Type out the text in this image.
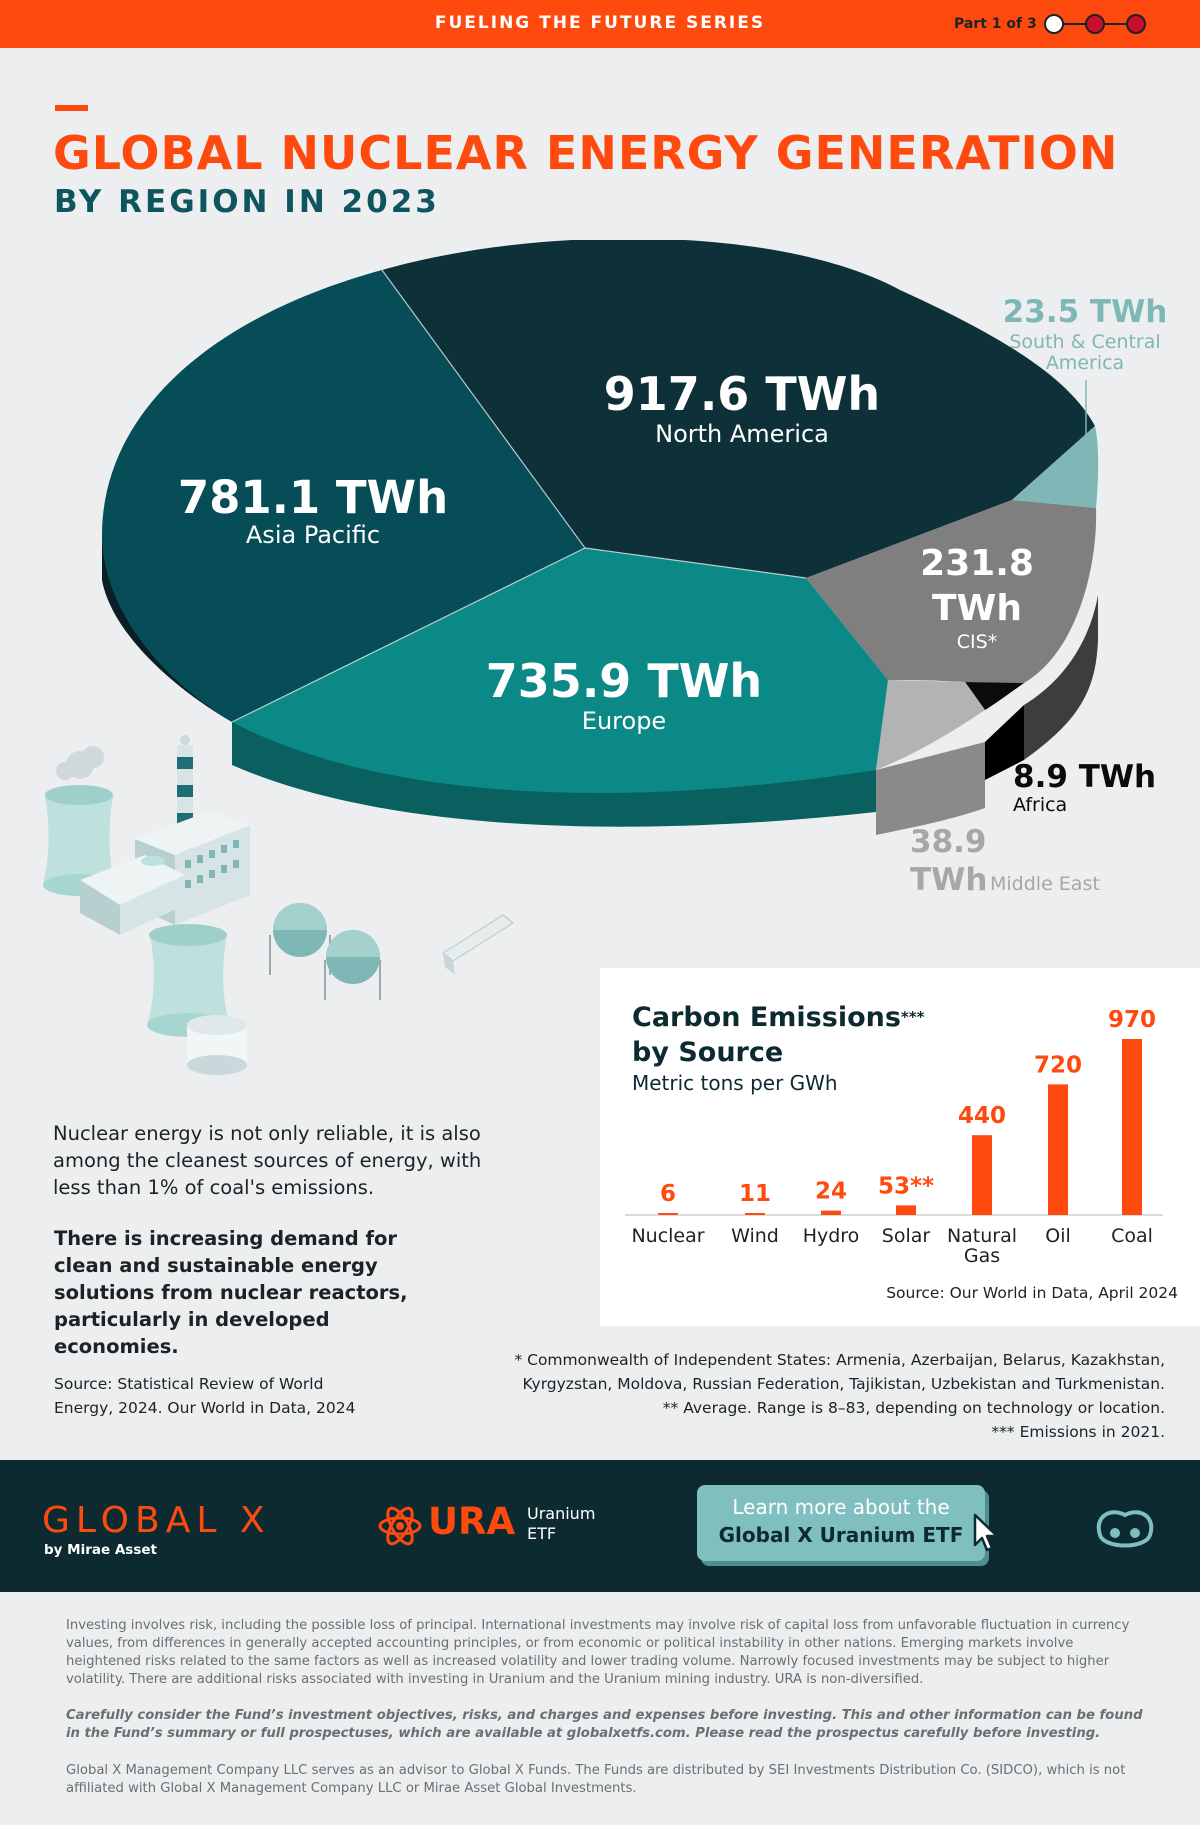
FUELING THE FUTURE SERIES	Part 1 of 3
GLOBAL NUCLEAR ENERGY GENERATION
BY REGION IN 2023
917.6 TWh
North America
781.1 TWh
Asia Pacific
735.9 TWh
Europe
231.8
TWh
CIS*
23.5 TWh
South & Central
America
8.9 TWh
Africa
38.9
TWh Middle East
Nuclear energy is not only reliable, it is also among the cleanest sources of energy, with less than 1% of coal's emissions.
There is increasing demand for clean and sustainable energy solutions from nuclear reactors, particularly in developed economies.
Source: Statistical Review of World Energy, 2024. Our World in Data, 2024
Carbon Emissions***
by Source
Metric tons per GWh
6
Nuclear
11
Wind
24
Hydro
53**
Solar
440
Natural
Gas
720
Oil
970
Coal
Source: Our World in Data, April 2024
* Commonwealth of Independent States: Armenia, Azerbaijan, Belarus, Kazakhstan, Kyrgyzstan, Moldova, Russian Federation, Tajikistan, Uzbekistan and Turkmenistan.
** Average. Range is 8–83, depending on technology or location.
*** Emissions in 2021.
GLOBAL X
by Mirae Asset
URA Uranium ETF
Learn more about the
Global X Uranium ETF
Investing involves risk, including the possible loss of principal. International investments may involve risk of capital loss from unfavorable fluctuation in currency values, from differences in generally accepted accounting principles, or from economic or political instability in other nations. Emerging markets involve heightened risks related to the same factors as well as increased volatility and lower trading volume. Narrowly focused investments may be subject to higher volatility. There are additional risks associated with investing in Uranium and the Uranium mining industry. URA is non-diversified.
Carefully consider the Fund’s investment objectives, risks, and charges and expenses before investing. This and other information can be found in the Fund’s summary or full prospectuses, which are available at globalxetfs.com. Please read the prospectus carefully before investing.
Global X Management Company LLC serves as an advisor to Global X Funds. The Funds are distributed by SEI Investments Distribution Co. (SIDCO), which is not affiliated with Global X Management Company LLC or Mirae Asset Global Investments.
